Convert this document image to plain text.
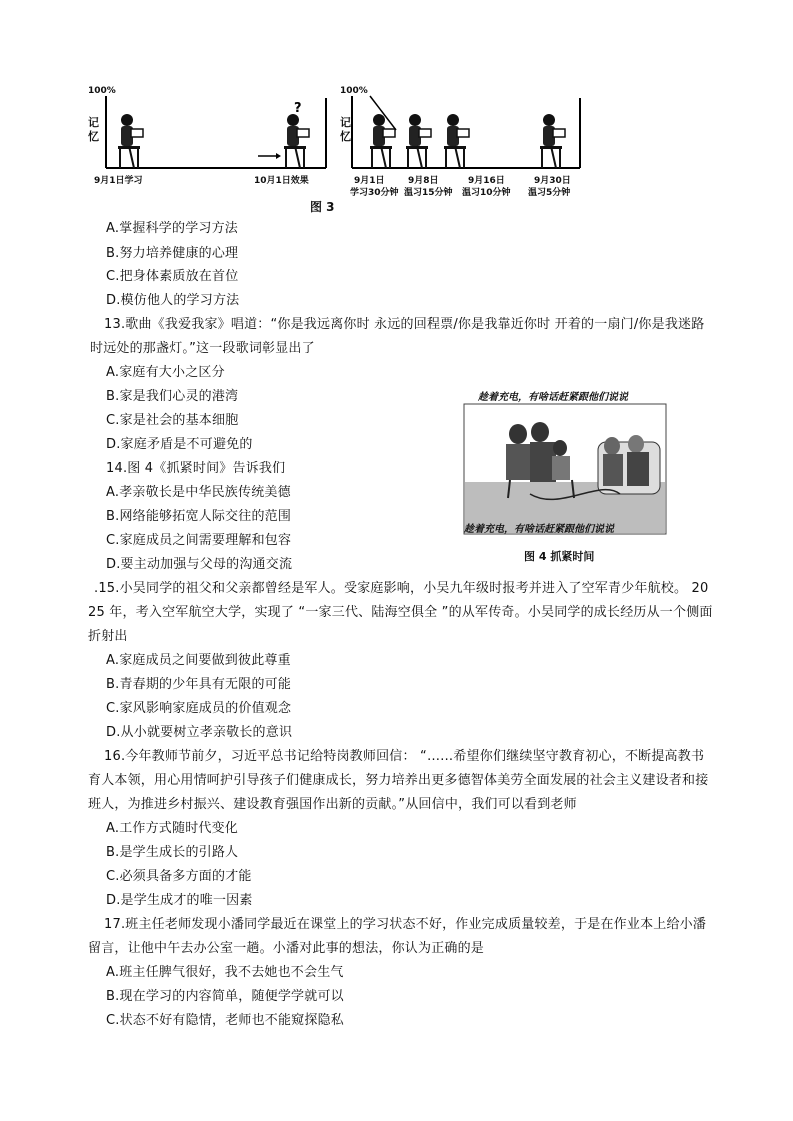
?
100%
记忆
9月1日学习	10月1日效果
100%
记忆
9月1日
学习30分钟
9月8日
温习15分钟
9月16日
温习10分钟
9月30日
温习5分钟
图 3
A.掌握科学的学习方法
B.努力培养健康的心理
C.把身体素质放在首位
D.模仿他人的学习方法
13.歌曲《我爱我家》唱道：“你是我远离你时 永远的回程票/你是我靠近你时 开着的一扇门/你是我迷路
时远处的那盏灯。”这一段歌词彰显出了
A.家庭有大小之区分
B.家是我们心灵的港湾
C.家是社会的基本细胞
D.家庭矛盾是不可避免的
14.图 4《抓紧时间》告诉我们
A.孝亲敬长是中华民族传统美德
B.网络能够拓宽人际交往的范围
C.家庭成员之间需要理解和包容
D.要主动加强与父母的沟通交流
趁着充电，有啥话赶紧跟他们说说
趁着充电，有啥话赶紧跟他们说说
图 4 抓紧时间
.15.小吴同学的祖父和父亲都曾经是军人。受家庭影响，小吴九年级时报考并进入了空军青少年航校。 20
25 年，考入空军航空大学，实现了 “一家三代、陆海空俱全 ”的从军传奇。小吴同学的成长经历从一个侧面
折射出
A.家庭成员之间要做到彼此尊重
B.青春期的少年具有无限的可能
C.家风影响家庭成员的价值观念
D.从小就要树立孝亲敬长的意识
16.今年教师节前夕，习近平总书记给特岗教师回信： “……希望你们继续坚守教育初心，不断提高教书
育人本领，用心用情呵护引导孩子们健康成长，努力培养出更多德智体美劳全面发展的社会主义建设者和接
班人，为推进乡村振兴、建设教育强国作出新的贡献。”从回信中，我们可以看到老师
A.工作方式随时代变化
B.是学生成长的引路人
C.必须具备多方面的才能
D.是学生成才的唯一因素
17.班主任老师发现小潘同学最近在课堂上的学习状态不好，作业完成质量较差，于是在作业本上给小潘
留言，让他中午去办公室一趟。小潘对此事的想法，你认为正确的是
A.班主任脾气很好，我不去她也不会生气
B.现在学习的内容简单，随便学学就可以
C.状态不好有隐情，老师也不能窥探隐私
